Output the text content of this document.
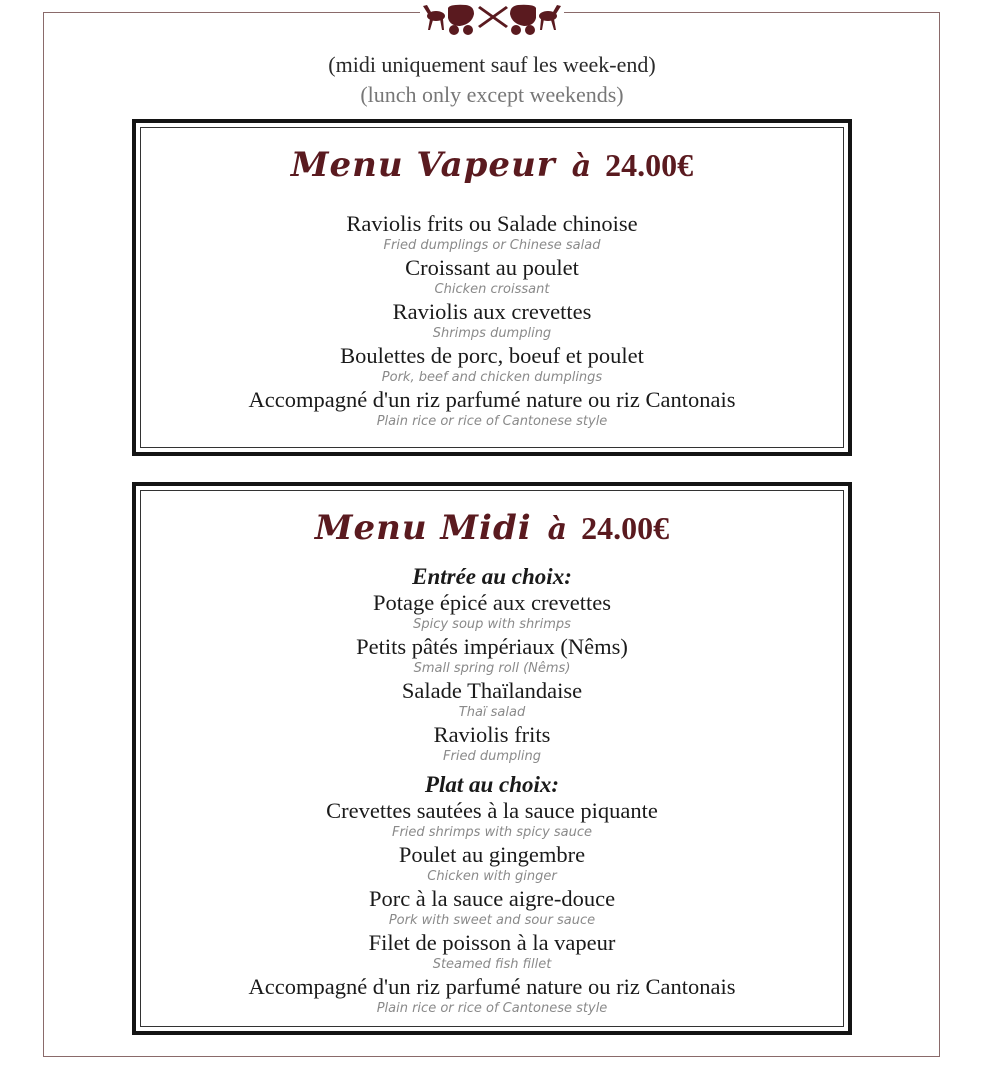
(midi uniquement sauf les week-end)
(lunch only except weekends)
Menu Vapeur à 24.00€
Raviolis frits ou Salade chinoise
Fried dumplings or Chinese salad
Croissant au poulet
Chicken croissant
Raviolis aux crevettes
Shrimps dumpling
Boulettes de porc, boeuf et poulet
Pork, beef and chicken dumplings
Accompagné d'un riz parfumé nature ou riz Cantonais
Plain rice or rice of Cantonese style
Menu Midi à 24.00€
Entrée au choix:
Potage épicé aux crevettes
Spicy soup with shrimps
Petits pâtés impériaux (Nêms)
Small spring roll (Nêms)
Salade Thaïlandaise
Thaï salad
Raviolis frits
Fried dumpling
Plat au choix:
Crevettes sautées à la sauce piquante
Fried shrimps with spicy sauce
Poulet au gingembre
Chicken with ginger
Porc à la sauce aigre-douce
Pork with sweet and sour sauce
Filet de poisson à la vapeur
Steamed fish fillet
Accompagné d'un riz parfumé nature ou riz Cantonais
Plain rice or rice of Cantonese style
